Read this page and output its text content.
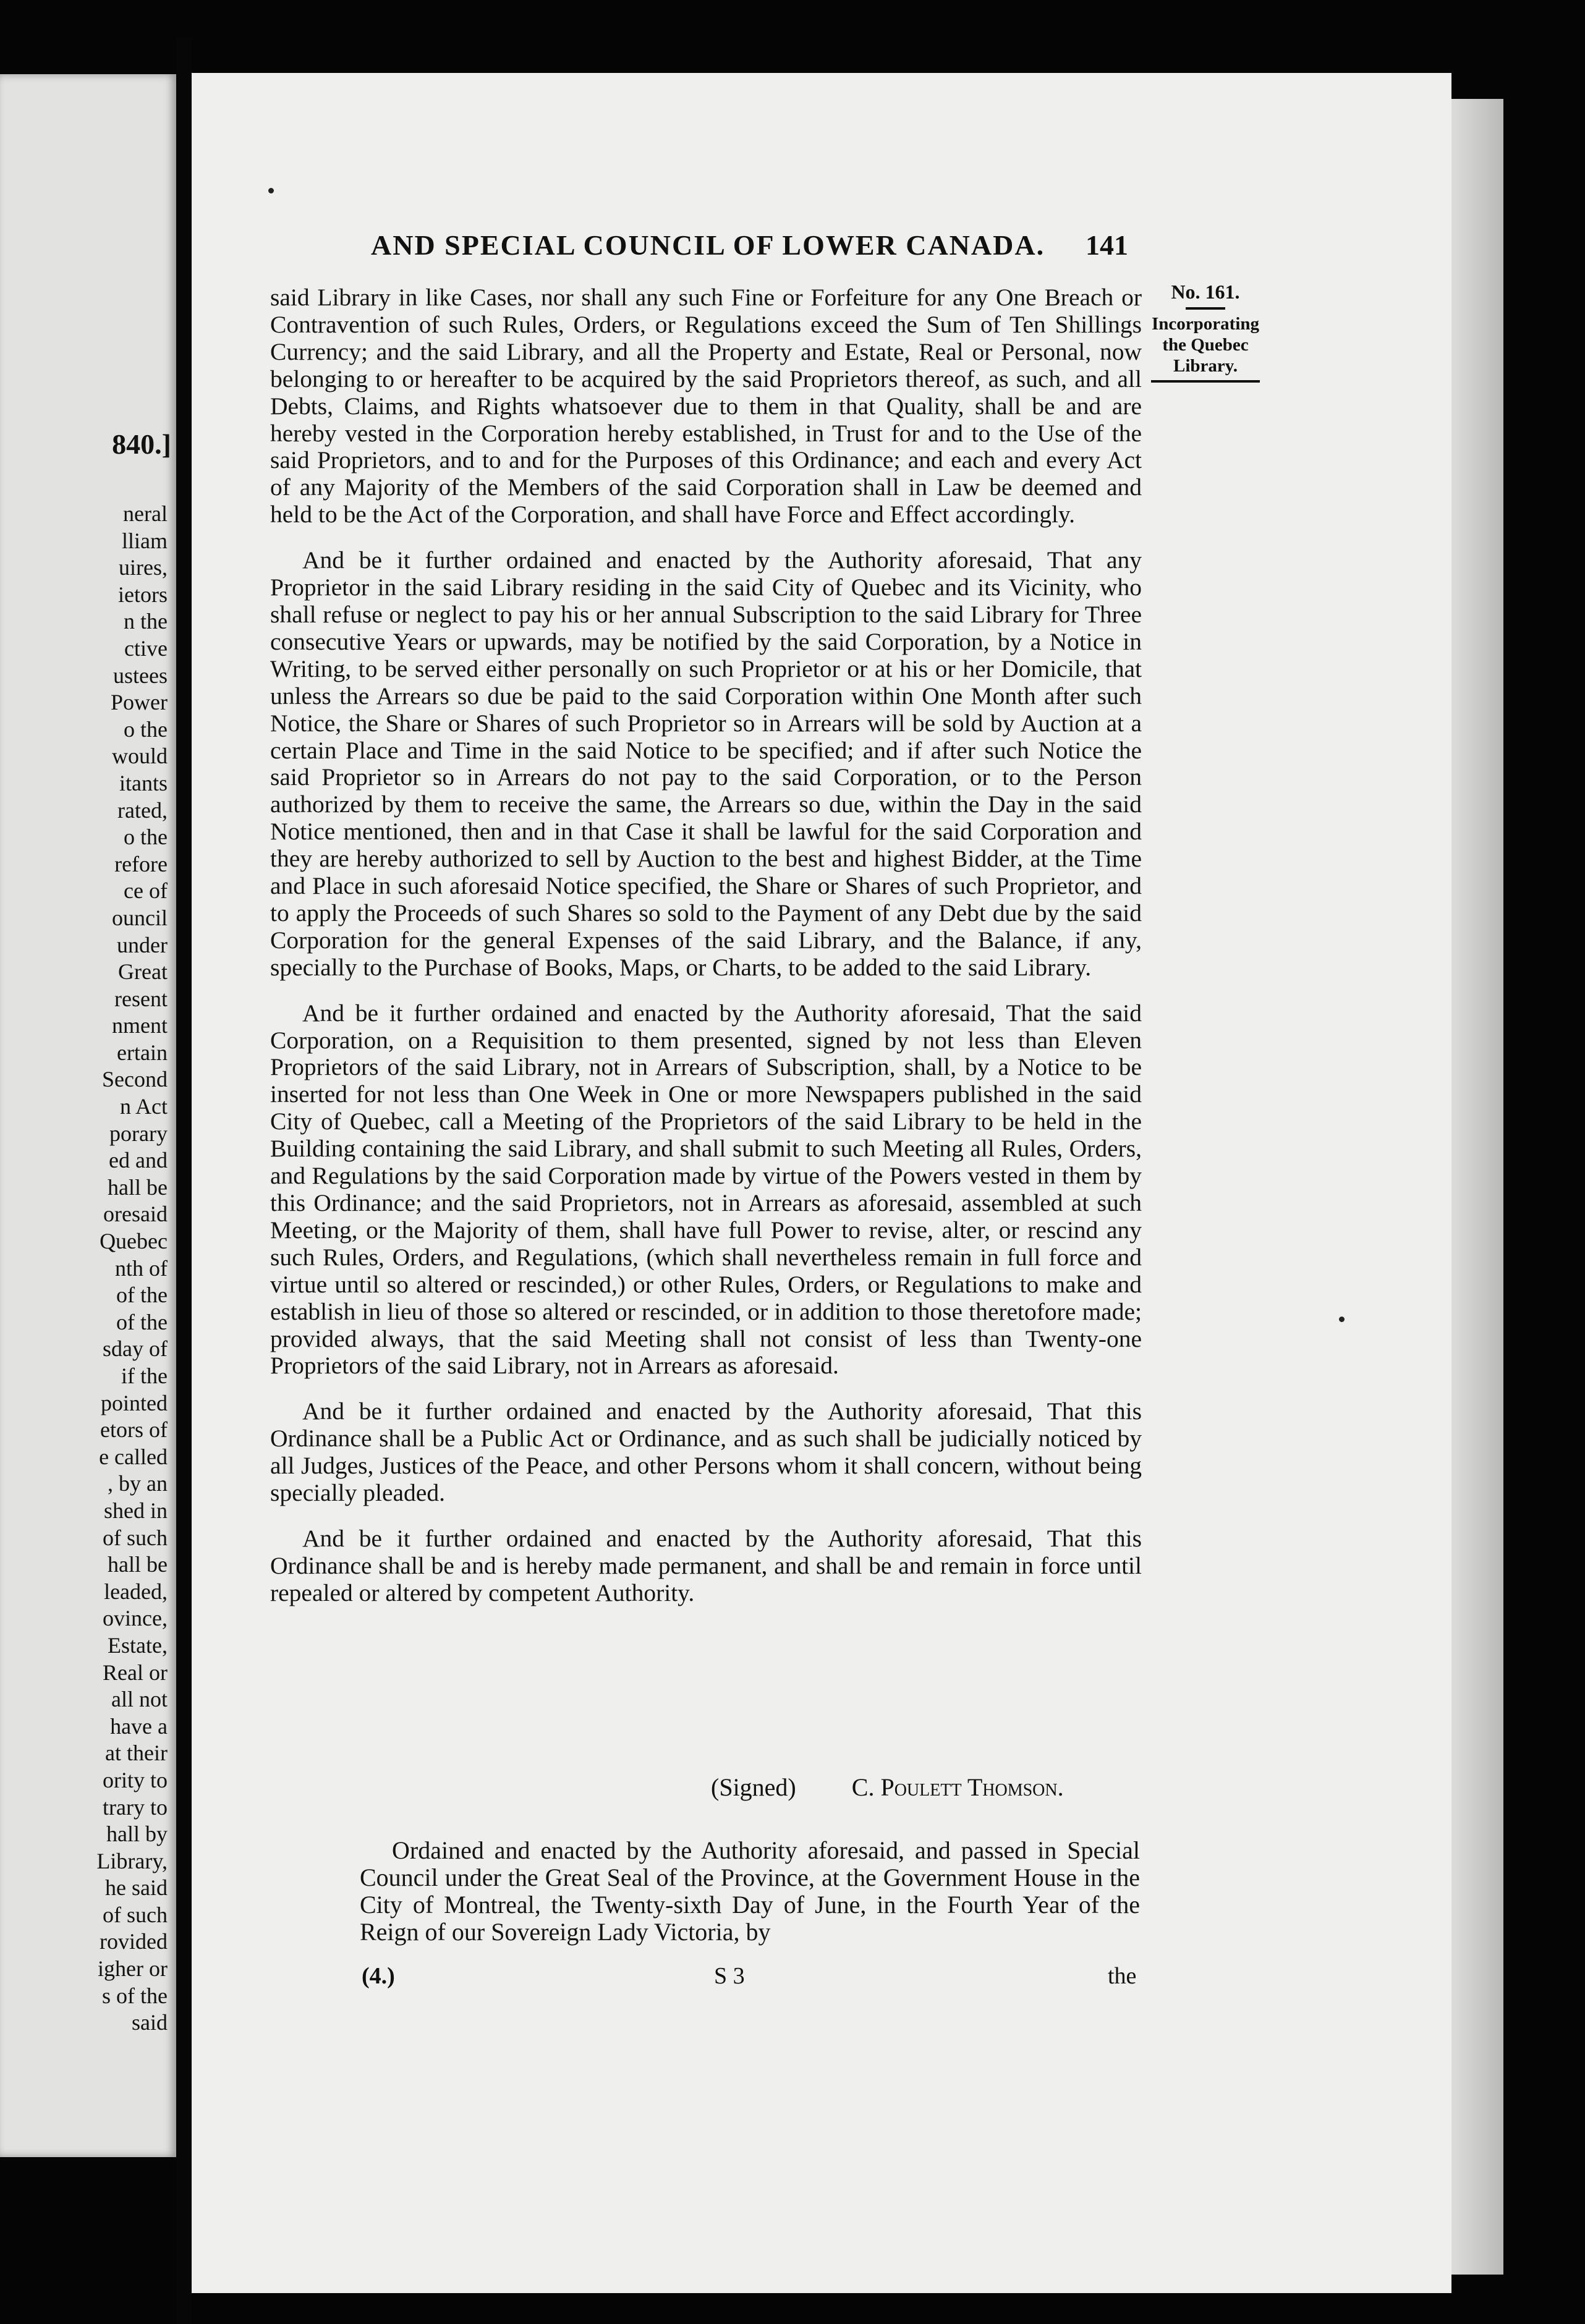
840.]
neral
lliam
uires,
ietors
n the
ctive
ustees
Power
o the
would
itants
rated,
o the
refore
ce of
ouncil
under
Great
resent
nment
ertain
Second
n Act
porary
ed and
hall be
oresaid
Quebec
nth of
of the
of the
sday of
if the
pointed
etors of
e called
, by an
shed in
of such
hall be
leaded,
ovince,
Estate,
Real or
all not
have a
at their
ority to
trary to
hall by
Library,
he said
of such
rovided
igher or
s of the
said
AND SPECIAL COUNCIL OF LOWER CANADA. 141
No. 161.
Incorporating the Quebec Library.

said Library in like Cases, nor shall any such Fine or Forfeiture for any One Breach or Contravention of such Rules, Orders, or Regulations exceed the Sum of Ten Shillings Currency; and the said Library, and all the Property and Estate, Real or Personal, now belonging to or hereafter to be acquired by the said Proprietors thereof, as such, and all Debts, Claims, and Rights whatsoever due to them in that Quality, shall be and are hereby vested in the Corporation hereby established, in Trust for and to the Use of the said Proprietors, and to and for the Purposes of this Ordinance; and each and every Act of any Majority of the Members of the said Corporation shall in Law be deemed and held to be the Act of the Corporation, and shall have Force and Effect accordingly.

And be it further ordained and enacted by the Authority aforesaid, That any Proprietor in the said Library residing in the said City of Quebec and its Vicinity, who shall refuse or neglect to pay his or her annual Subscription to the said Library for Three consecutive Years or upwards, may be notified by the said Corporation, by a Notice in Writing, to be served either personally on such Proprietor or at his or her Domicile, that unless the Arrears so due be paid to the said Corporation within One Month after such Notice, the Share or Shares of such Proprietor so in Arrears will be sold by Auction at a certain Place and Time in the said Notice to be specified; and if after such Notice the said Proprietor so in Arrears do not pay to the said Corporation, or to the Person authorized by them to receive the same, the Arrears so due, within the Day in the said Notice mentioned, then and in that Case it shall be lawful for the said Corporation and they are hereby authorized to sell by Auction to the best and highest Bidder, at the Time and Place in such aforesaid Notice specified, the Share or Shares of such Proprietor, and to apply the Proceeds of such Shares so sold to the Payment of any Debt due by the said Corporation for the general Expenses of the said Library, and the Balance, if any, specially to the Purchase of Books, Maps, or Charts, to be added to the said Library.

And be it further ordained and enacted by the Authority aforesaid, That the said Corporation, on a Requisition to them presented, signed by not less than Eleven Proprietors of the said Library, not in Arrears of Subscription, shall, by a Notice to be inserted for not less than One Week in One or more Newspapers published in the said City of Quebec, call a Meeting of the Proprietors of the said Library to be held in the Building containing the said Library, and shall submit to such Meeting all Rules, Orders, and Regulations by the said Corporation made by virtue of the Powers vested in them by this Ordinance; and the said Proprietors, not in Arrears as aforesaid, assembled at such Meeting, or the Majority of them, shall have full Power to revise, alter, or rescind any such Rules, Orders, and Regulations, (which shall nevertheless remain in full force and virtue until so altered or rescinded,) or other Rules, Orders, or Regulations to make and establish in lieu of those so altered or rescinded, or in addition to those theretofore made; provided always, that the said Meeting shall not consist of less than Twenty-one Proprietors of the said Library, not in Arrears as aforesaid.

And be it further ordained and enacted by the Authority aforesaid, That this Ordinance shall be a Public Act or Ordinance, and as such shall be judicially noticed by all Judges, Justices of the Peace, and other Persons whom it shall concern, without being specially pleaded.

And be it further ordained and enacted by the Authority aforesaid, That this Ordinance shall be and is hereby made permanent, and shall be and remain in force until repealed or altered by competent Authority.

(Signed) C. Poulett Thomson.

Ordained and enacted by the Authority aforesaid, and passed in Special Council under the Great Seal of the Province, at the Government House in the City of Montreal, the Twenty-sixth Day of June, in the Fourth Year of the Reign of our Sovereign Lady Victoria, by

(4.)	S 3	the
